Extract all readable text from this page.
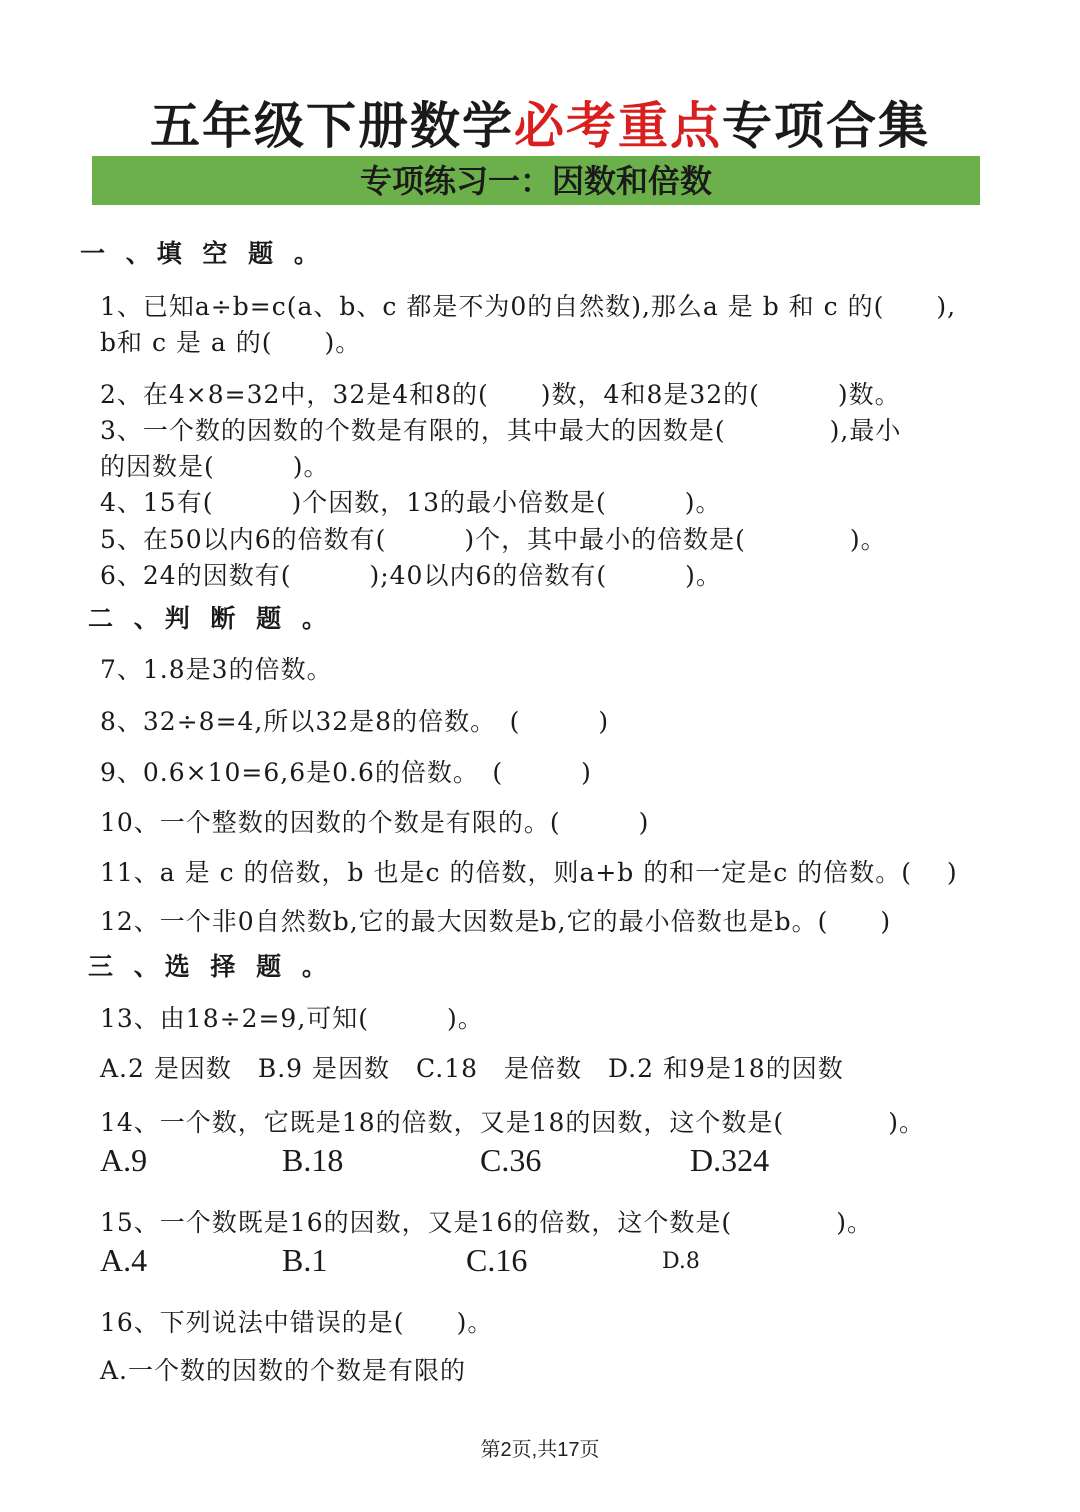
五年级下册数学必考重点专项合集
专项练习一：因数和倍数
一 、填 空 题 。
1、已知a÷b=c(a、b、c 都是不为0的自然数),那么a 是 b 和 c 的(　　),
b和 c 是 a 的(　　)。
2、在4×8=32中，32是4和8的(　　)数，4和8是32的(　　　)数。
3、一个数的因数的个数是有限的，其中最大的因数是(　　　　),最小
的因数是(　　　)。
4、15有(　　　)个因数，13的最小倍数是(　　　)。
5、在50以内6的倍数有(　　　)个，其中最小的倍数是(　　　　)。
6、24的因数有(　　　);40以内6的倍数有(　　　)。
二 、判 断 题 。
7、1.8是3的倍数。
8、32÷8=4,所以32是8的倍数。　(　　　)
9、0.6×10=6,6是0.6的倍数。　(　　　)
10、一个整数的因数的个数是有限的。(　　　)
11、a 是 c 的倍数，b 也是c 的倍数，则a+b 的和一定是c 的倍数。(　 )
12、一个非0自然数b,它的最大因数是b,它的最小倍数也是b。(　　)
三 、选 择 题 。
13、由18÷2=9,可知(　　　)。
A.2 是因数　B.9 是因数　C.18　是倍数　D.2 和9是18的因数
14、一个数，它既是18的倍数，又是18的因数，这个数是(　　　　)。
A.9	B.18	C.36	D.324
15、一个数既是16的因数，又是16的倍数，这个数是(　　　　)。
A.4	B.1	C.16	D.8
16、下列说法中错误的是(　　)。
A.一个数的因数的个数是有限的
第2页,共17页
